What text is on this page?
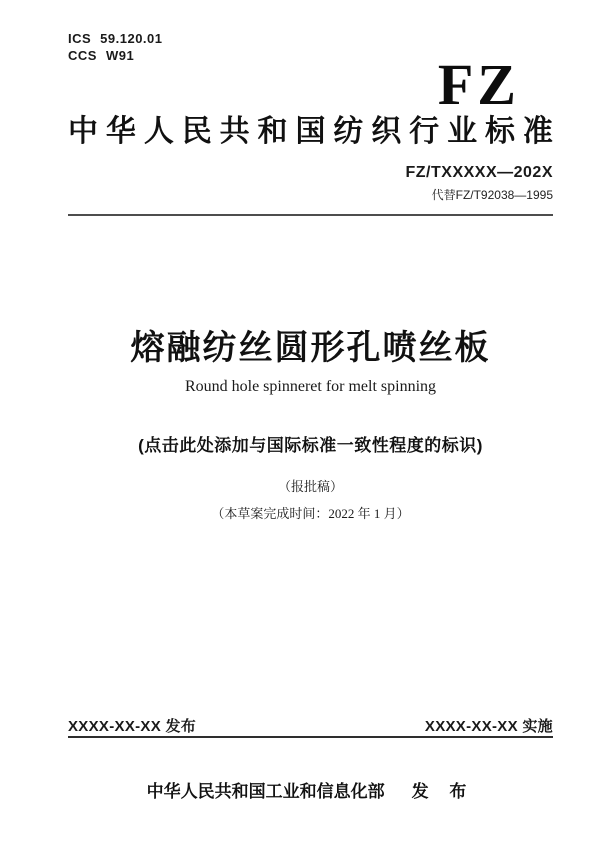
ICS 59.120.01
CCS W91	FZ
中 华 人 民 共 和 国 纺 织 行 业 标 准
FZ/TXXXXX—202X
代替FZ/T92038—1995
熔融纺丝圆形孔喷丝板
Round hole spinneret for melt spinning
(点击此处添加与国际标准一致性程度的标识)
（报批稿）
（本草案完成时间：2022 年 1 月）
XXXX-XX-XX 发布	XXXX-XX-XX 实施
中华人民共和国工业和信息化部 发 布
